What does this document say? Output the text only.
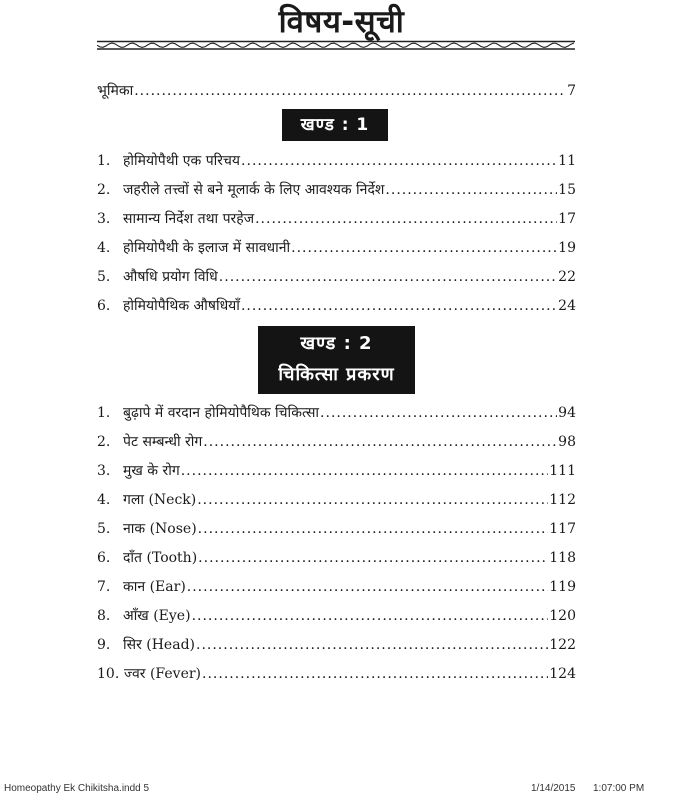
विषय-सूची
भूमिका .....	7
खण्ड : 1
1. होमियोपैथी एक परिचय .....	11
2. जहरीले तत्त्वों से बने मूलार्क के लिए आवश्यक निर्देश .....	15
3. सामान्य निर्देश तथा परहेज .....	17
4. होमियोपैथी के इलाज में सावधानी .....	19
5. औषधि प्रयोग विधि .....	22
6. होमियोपैथिक औषधियाँ .....	24
खण्ड : 2
चिकित्सा प्रकरण
1. बुढ़ापे में वरदान होमियोपैथिक चिकित्सा .....	94
2. पेट सम्बन्धी रोग .....	98
3. मुख के रोग .....	111
4. गला (Neck) .....	112
5. नाक (Nose) .....	117
6. दाँत (Tooth) .....	118
7. कान (Ear) .....	119
8. आँख (Eye) .....	120
9. सिर (Head) .....	122
10. ज्वर (Fever) .....	124
Homeopathy Ek Chikitsha.indd 5	1/14/2015 1:07:00 PM
